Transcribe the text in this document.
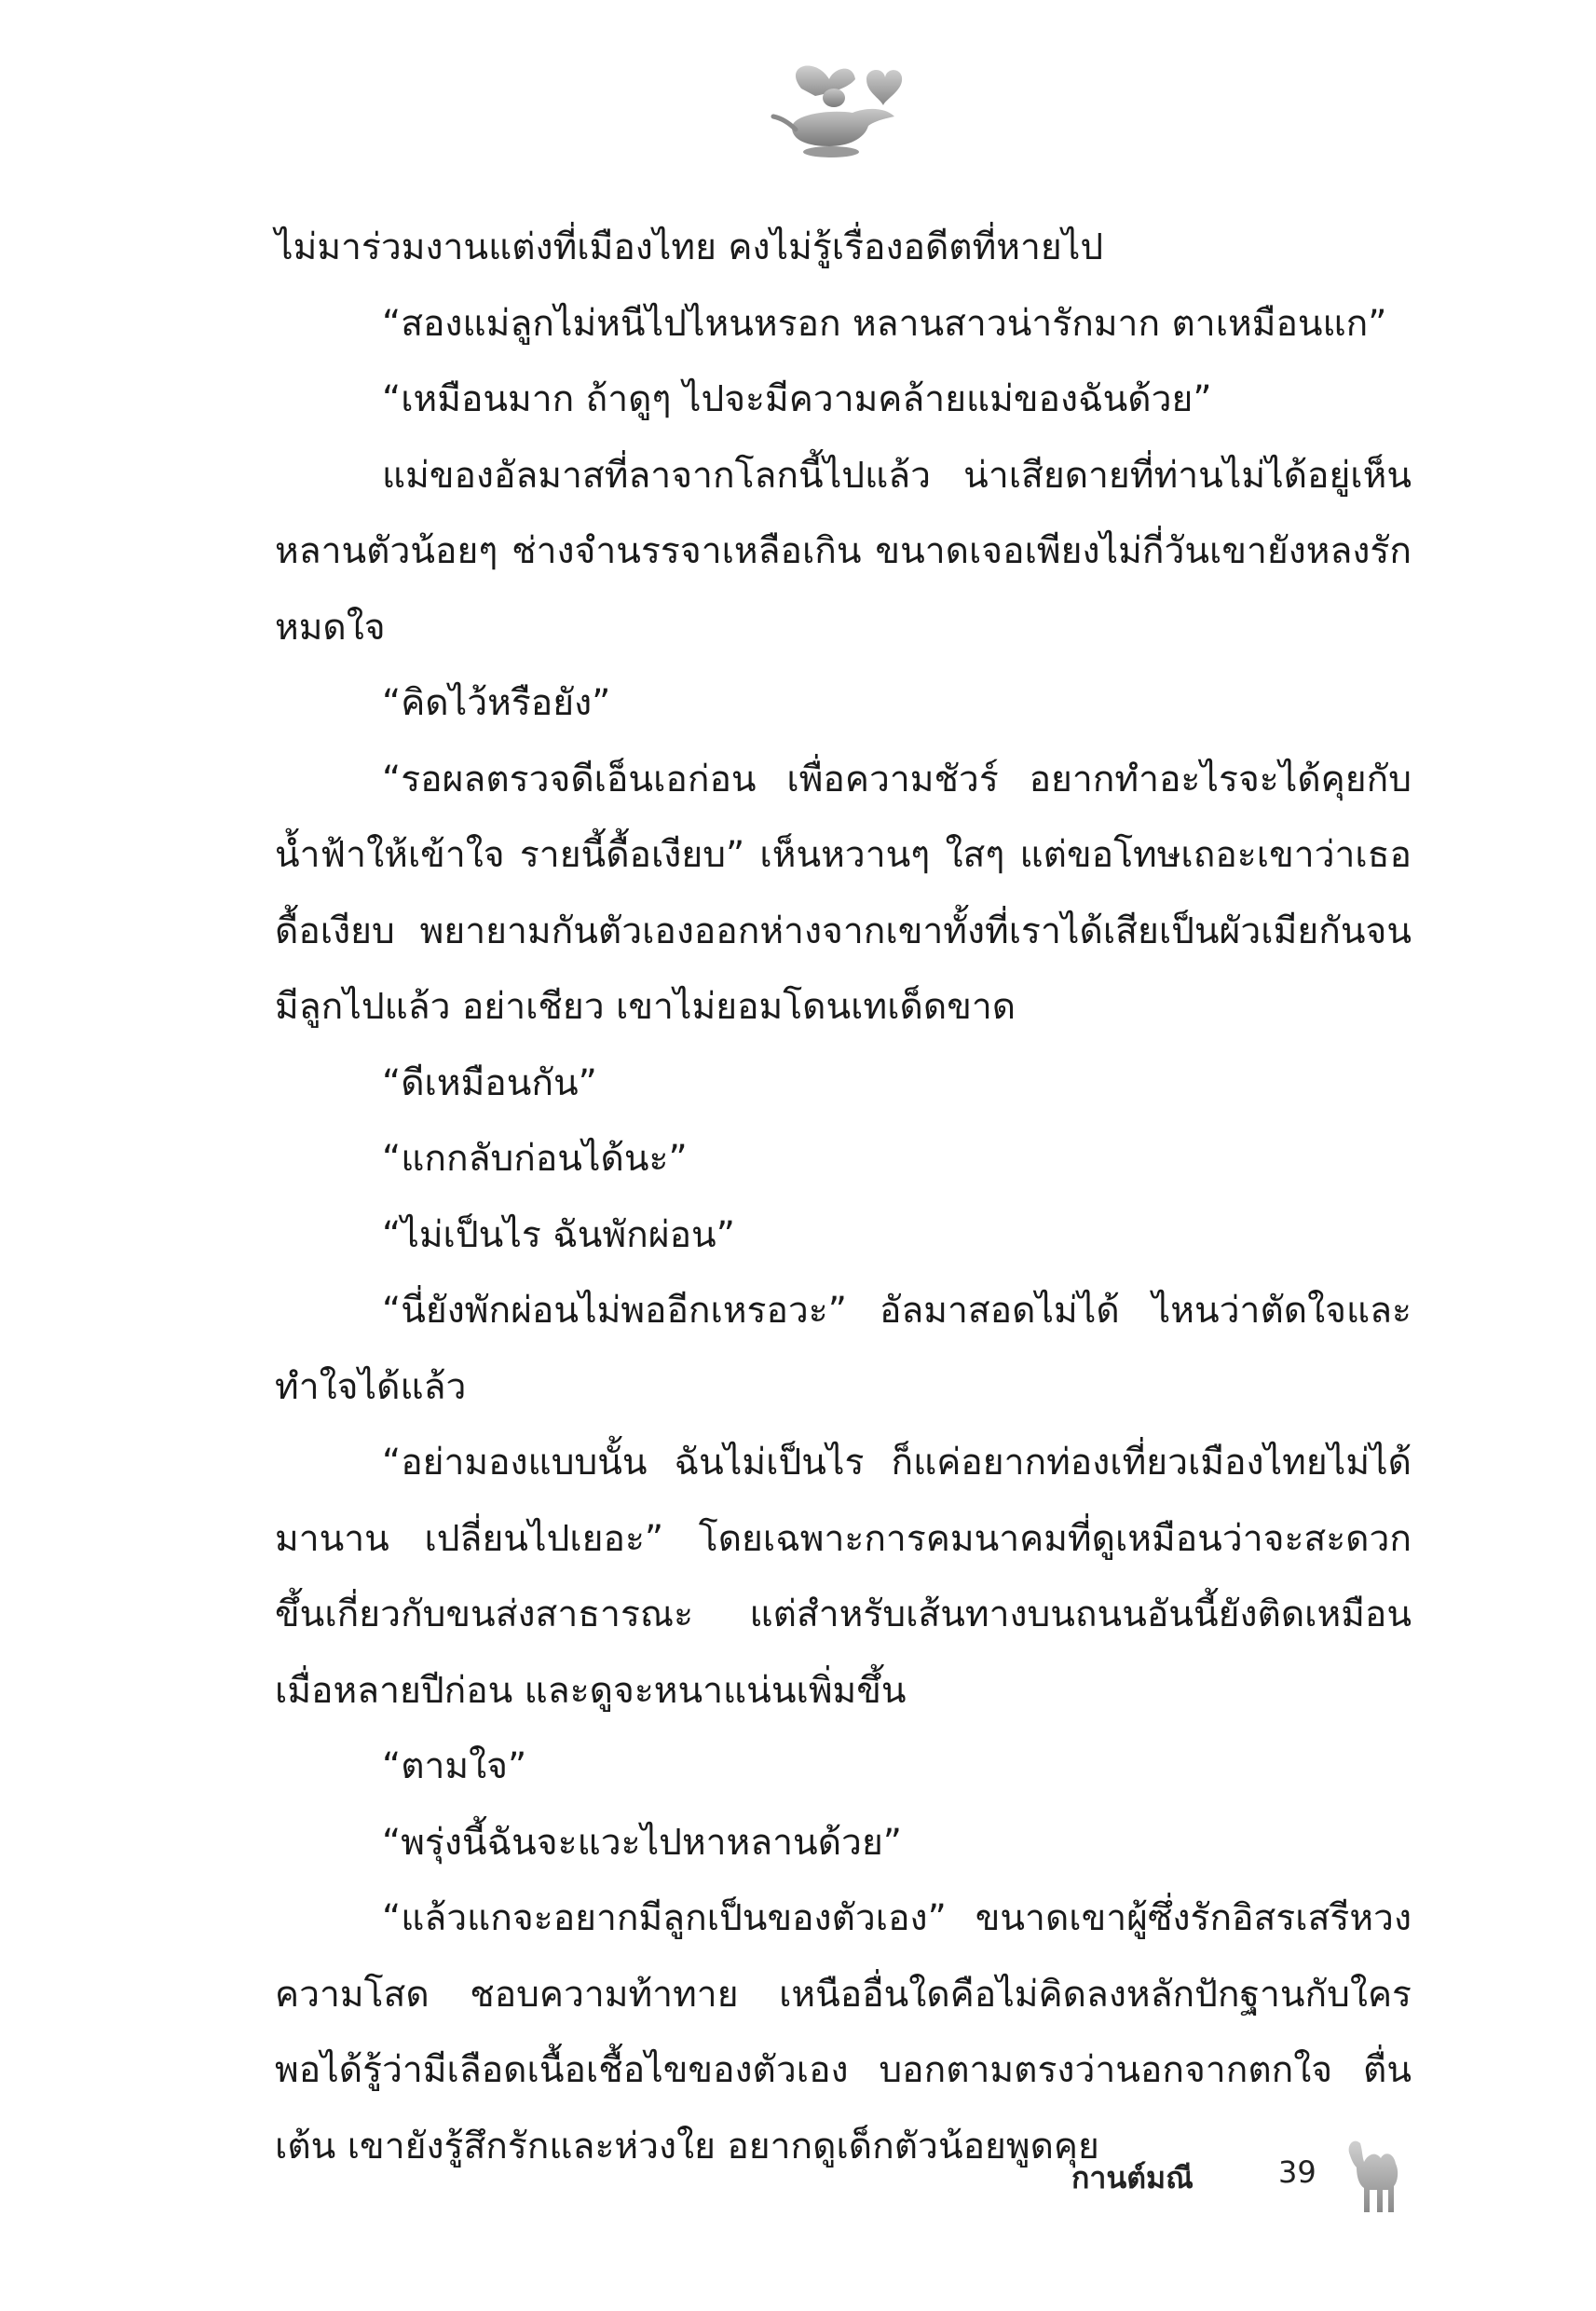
ไม่มาร่วมงานแต่งที่เมืองไทย คงไม่รู้เรื่องอดีตที่หายไป

“สองแม่ลูกไม่หนีไปไหนหรอก หลานสาวน่ารักมาก ตาเหมือนแก”

“เหมือนมาก ถ้าดูๆ ไปจะมีความคล้ายแม่ของฉันด้วย”

แม่ของอัลมาสที่ลาจากโลกนี้ไปแล้ว น่าเสียดายที่ท่านไม่ได้อยู่เห็นหลานตัวน้อยๆ ช่างจำนรรจาเหลือเกิน ขนาดเจอเพียงไม่กี่วันเขายังหลงรักหมดใจ

“คิดไว้หรือยัง”

“รอผลตรวจดีเอ็นเอก่อน เพื่อความชัวร์ อยากทำอะไรจะได้คุยกับน้ำฟ้าให้เข้าใจ รายนี้ดื้อเงียบ” เห็นหวานๆ ใสๆ แต่ขอโทษเถอะเขาว่าเธอดื้อเงียบ พยายามกันตัวเองออกห่างจากเขาทั้งที่เราได้เสียเป็นผัวเมียกันจนมีลูกไปแล้ว อย่าเชียว เขาไม่ยอมโดนเทเด็ดขาด

“ดีเหมือนกัน”

“แกกลับก่อนได้นะ”

“ไม่เป็นไร ฉันพักผ่อน”

“นี่ยังพักผ่อนไม่พออีกเหรอวะ” อัลมาสอดไม่ได้ ไหนว่าตัดใจและทำใจได้แล้ว

“อย่ามองแบบนั้น ฉันไม่เป็นไร ก็แค่อยากท่องเที่ยวเมืองไทยไม่ได้มานาน เปลี่ยนไปเยอะ” โดยเฉพาะการคมนาคมที่ดูเหมือนว่าจะสะดวกขึ้นเกี่ยวกับขนส่งสาธารณะ แต่สำหรับเส้นทางบนถนนอันนี้ยังติดเหมือนเมื่อหลายปีก่อน และดูจะหนาแน่นเพิ่มขึ้น

“ตามใจ”

“พรุ่งนี้ฉันจะแวะไปหาหลานด้วย”

“แล้วแกจะอยากมีลูกเป็นของตัวเอง” ขนาดเขาผู้ซึ่งรักอิสรเสรีหวงความโสด ชอบความท้าทาย เหนืออื่นใดคือไม่คิดลงหลักปักฐานกับใคร พอได้รู้ว่ามีเลือดเนื้อเชื้อไขของตัวเอง บอกตามตรงว่านอกจากตกใจ ตื่นเต้น เขายังรู้สึกรักและห่วงใย อยากดูเด็กตัวน้อยพูดคุย

กานต์มณี	39
